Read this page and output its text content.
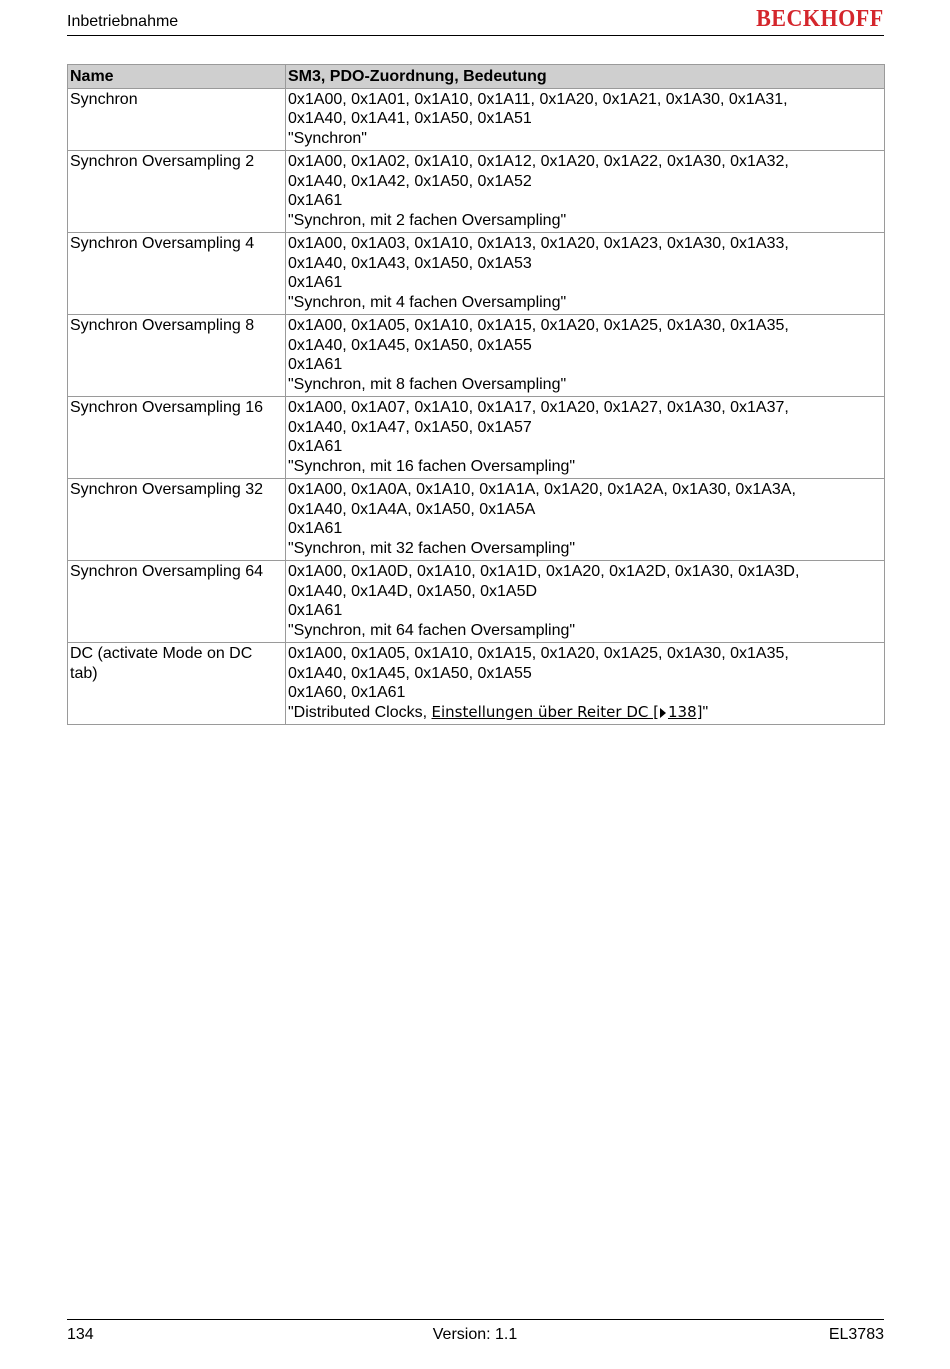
Inbetriebnahme	BECKHOFF
Name	SM3, PDO-Zuordnung, Bedeutung

Synchron	0x1A00, 0x1A01, 0x1A10, 0x1A11, 0x1A20, 0x1A21, 0x1A30, 0x1A31,
0x1A40, 0x1A41, 0x1A50, 0x1A51
"Synchron"

Synchron Oversampling 2	0x1A00, 0x1A02, 0x1A10, 0x1A12, 0x1A20, 0x1A22, 0x1A30, 0x1A32,
0x1A40, 0x1A42, 0x1A50, 0x1A52
0x1A61
"Synchron, mit 2 fachen Oversampling"

Synchron Oversampling 4	0x1A00, 0x1A03, 0x1A10, 0x1A13, 0x1A20, 0x1A23, 0x1A30, 0x1A33,
0x1A40, 0x1A43, 0x1A50, 0x1A53
0x1A61
"Synchron, mit 4 fachen Oversampling"

Synchron Oversampling 8	0x1A00, 0x1A05, 0x1A10, 0x1A15, 0x1A20, 0x1A25, 0x1A30, 0x1A35,
0x1A40, 0x1A45, 0x1A50, 0x1A55
0x1A61
"Synchron, mit 8 fachen Oversampling"

Synchron Oversampling 16	0x1A00, 0x1A07, 0x1A10, 0x1A17, 0x1A20, 0x1A27, 0x1A30, 0x1A37,
0x1A40, 0x1A47, 0x1A50, 0x1A57
0x1A61
"Synchron, mit 16 fachen Oversampling"

Synchron Oversampling 32	0x1A00, 0x1A0A, 0x1A10, 0x1A1A, 0x1A20, 0x1A2A, 0x1A30, 0x1A3A,
0x1A40, 0x1A4A, 0x1A50, 0x1A5A
0x1A61
"Synchron, mit 32 fachen Oversampling"

Synchron Oversampling 64	0x1A00, 0x1A0D, 0x1A10, 0x1A1D, 0x1A20, 0x1A2D, 0x1A30, 0x1A3D,
0x1A40, 0x1A4D, 0x1A50, 0x1A5D
0x1A61
"Synchron, mit 64 fachen Oversampling"

DC (activate Mode on DC
tab)	0x1A00, 0x1A05, 0x1A10, 0x1A15, 0x1A20, 0x1A25, 0x1A30, 0x1A35,
0x1A40, 0x1A45, 0x1A50, 0x1A55
0x1A60, 0x1A61
"Distributed Clocks, Einstellungen über Reiter DC [ 138]"
134	Version: 1.1	EL3783
